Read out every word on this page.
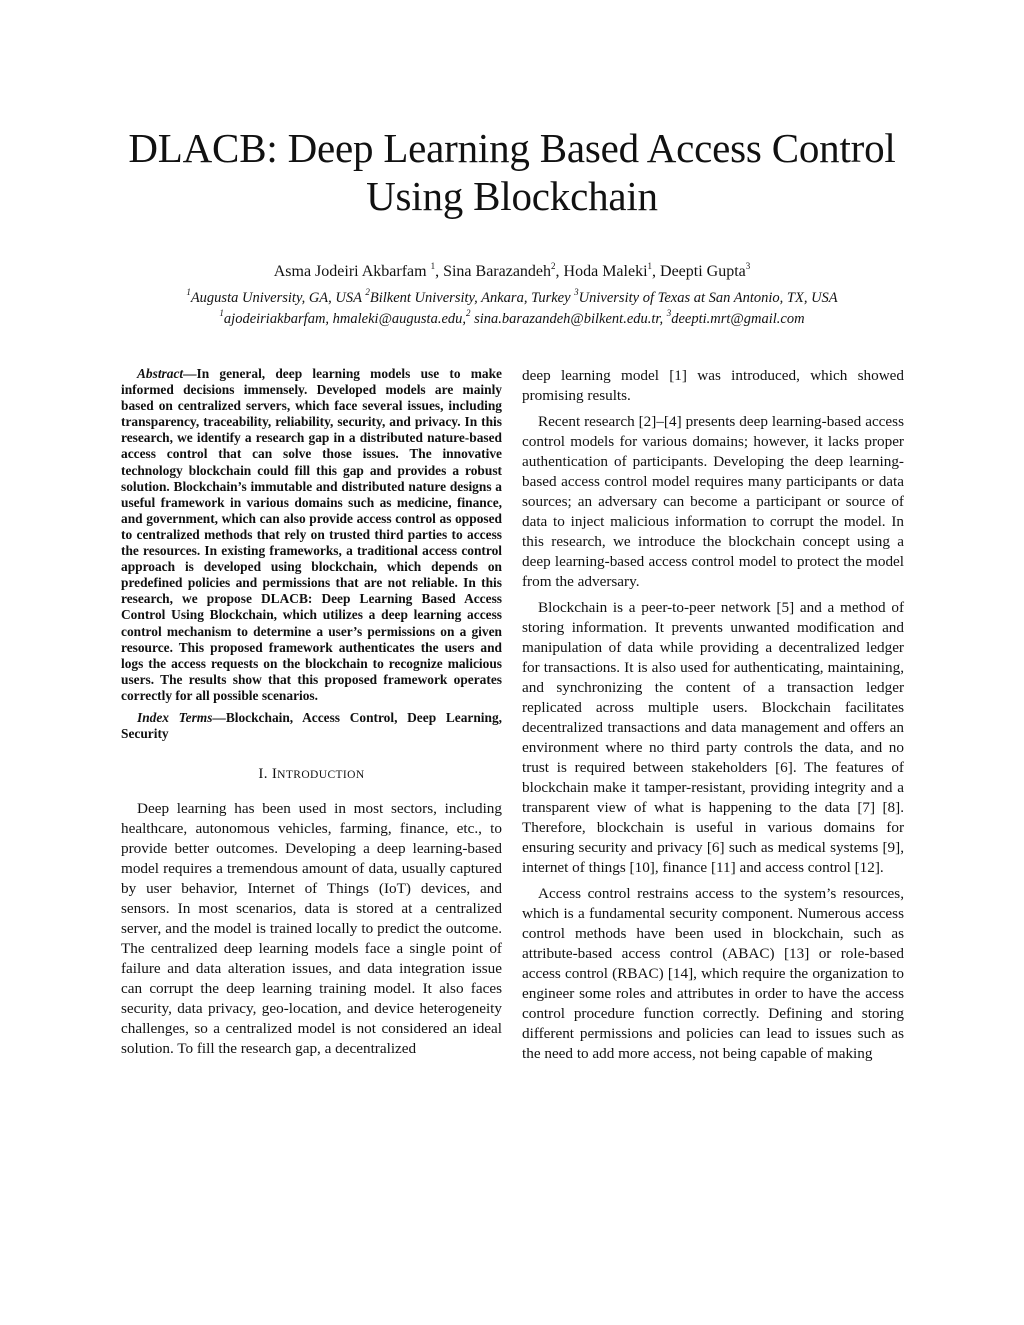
DLACB: Deep Learning Based Access Control
Using Blockchain
Asma Jodeiri Akbarfam $^1$, Sina Barazandeh$^2$, Hoda Maleki$^1$, Deepti Gupta$^3$
$^1$Augusta University, GA, USA $^2$Bilkent University, Ankara, Turkey $^3$University of Texas at San Antonio, TX, USA
$^1$ajodeiriakbarfam, hmaleki@augusta.edu,$^2$ sina.barazandeh@bilkent.edu.tr, $^3$deepti.mrt@gmail.com

Abstract—In general, deep learning models use to make informed decisions immensely. Developed models are mainly based on centralized servers, which face several issues, including transparency, traceability, reliability, security, and privacy. In this research, we identify a research gap in a distributed nature-based access control that can solve those issues. The innovative technology blockchain could fill this gap and provides a robust solution. Blockchain’s immutable and distributed nature designs a useful framework in various domains such as medicine, finance, and government, which can also provide access control as opposed to centralized methods that rely on trusted third parties to access the resources. In existing frameworks, a traditional access control approach is developed using blockchain, which depends on predefined policies and permissions that are not reliable. In this research, we propose DLACB: Deep Learning Based Access Control Using Blockchain, which utilizes a deep learning access control mechanism to determine a user’s permissions on a given resource. This proposed framework authenticates the users and logs the access requests on the blockchain to recognize malicious users. The results show that this proposed framework operates correctly for all possible scenarios.

Index Terms—Blockchain, Access Control, Deep Learning, Security
I. INTRODUCTION

Deep learning has been used in most sectors, including healthcare, autonomous vehicles, farming, finance, etc., to provide better outcomes. Developing a deep learning-based model requires a tremendous amount of data, usually captured by user behavior, Internet of Things (IoT) devices, and sensors. In most scenarios, data is stored at a centralized server, and the model is trained locally to predict the outcome. The centralized deep learning models face a single point of failure and data alteration issues, and data integration issue can corrupt the deep learning training model. It also faces security, data privacy, geo-location, and device heterogeneity challenges, so a centralized model is not considered an ideal solution. To fill the research gap, a decentralized

deep learning model [1] was introduced, which showed promising results.

Recent research [2]–[4] presents deep learning-based access control models for various domains; however, it lacks proper authentication of participants. Developing the deep learning-based access control model requires many participants or data sources; an adversary can become a participant or source of data to inject malicious information to corrupt the model. In this research, we introduce the blockchain concept using a deep learning-based access control model to protect the model from the adversary.

Blockchain is a peer-to-peer network [5] and a method of storing information. It prevents unwanted modification and manipulation of data while providing a decentralized ledger for transactions. It is also used for authenticating, maintaining, and synchronizing the content of a transaction ledger replicated across multiple users. Blockchain facilitates decentralized transactions and data management and offers an environment where no third party controls the data, and no trust is required between stakeholders [6]. The features of blockchain make it tamper-resistant, providing integrity and a transparent view of what is happening to the data [7] [8]. Therefore, blockchain is useful in various domains for ensuring security and privacy [6] such as medical systems [9], internet of things [10], finance [11] and access control [12].

Access control restrains access to the system’s resources, which is a fundamental security component. Numerous access control methods have been used in blockchain, such as attribute-based access control (ABAC) [13] or role-based access control (RBAC) [14], which require the organization to engineer some roles and attributes in order to have the access control procedure function correctly. Defining and storing different permissions and policies can lead to issues such as the need to add more access, not being capable of making
